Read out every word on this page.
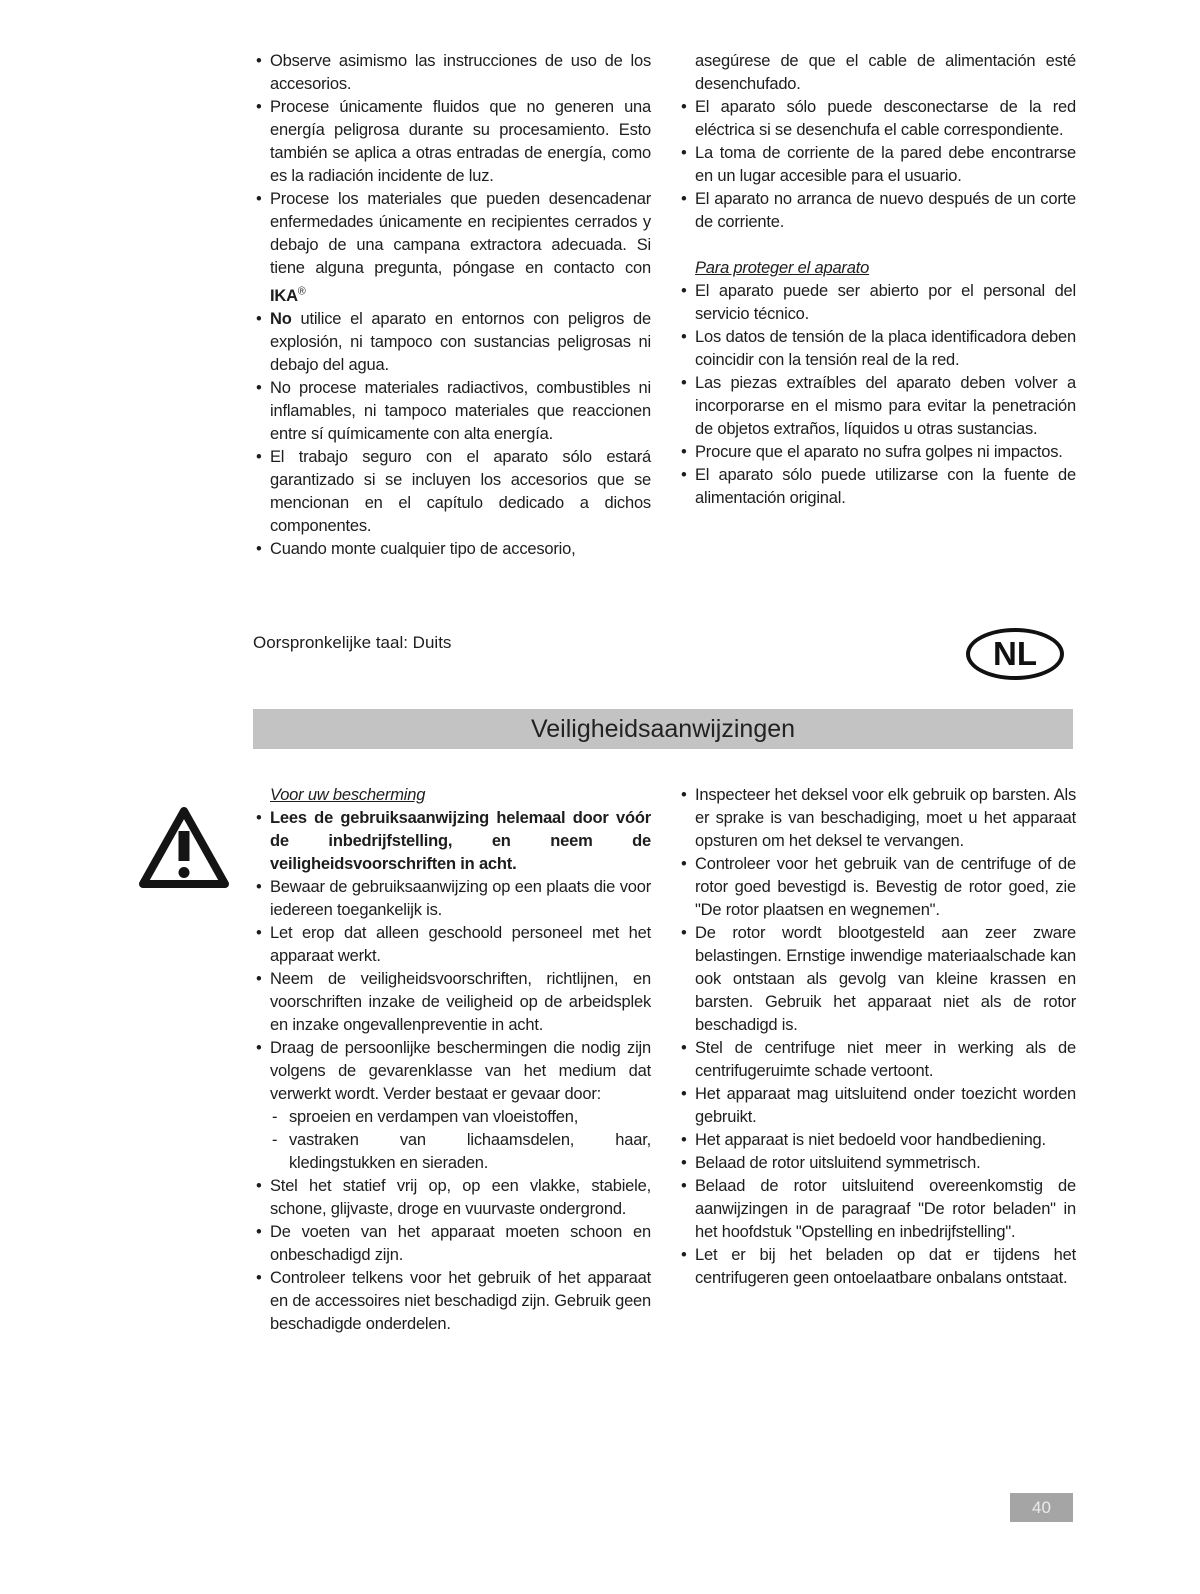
• Observe asimismo las instrucciones de uso de los accesorios.
• Procese únicamente fluidos que no generen una energía peligrosa durante su procesamiento. Esto también se aplica a otras entradas de energía, como es la radiación incidente de luz.
• Procese los materiales que pueden desencadenar enfermedades únicamente en recipientes cerrados y debajo de una campana extractora adecuada. Si tiene alguna pregunta, póngase en contacto con IKA®
• No utilice el aparato en entornos con peligros de explosión, ni tampoco con sustancias peligrosas ni debajo del agua.
• No procese materiales radiactivos, combustibles ni inflamables, ni tampoco materiales que reaccionen entre sí químicamente con alta energía.
• El trabajo seguro con el aparato sólo estará garantizado si se incluyen los accesorios que se mencionan en el capítulo dedicado a dichos componentes.
• Cuando monte cualquier tipo de accesorio,
asegúrese de que el cable de alimentación esté desenchufado.
• El aparato sólo puede desconectarse de la red eléctrica si se desenchufa el cable correspondiente.
• La toma de corriente de la pared debe encontrarse en un lugar accesible para el usuario.
• El aparato no arranca de nuevo después de un corte de corriente.
Para proteger el aparato
• El aparato puede ser abierto por el personal del servicio técnico.
• Los datos de tensión de la placa identificadora deben coincidir con la tensión real de la red.
• Las piezas extraíbles del aparato deben volver a incorporarse en el mismo para evitar la penetración de objetos extraños, líquidos u otras sustancias.
• Procure que el aparato no sufra golpes ni impactos.
• El aparato sólo puede utilizarse con la fuente de alimentación original.
Oorspronkelijke taal: Duits	NL
Veiligheidsaanwijzingen
Voor uw bescherming
• Lees de gebruiksaanwijzing helemaal door vóór de inbedrijfstelling, en neem de veiligheidsvoorschriften in acht.
• Bewaar de gebruiksaanwijzing op een plaats die voor iedereen toegankelijk is.
• Let erop dat alleen geschoold personeel met het apparaat werkt.
• Neem de veiligheidsvoorschriften, richtlijnen, en voorschriften inzake de veiligheid op de arbeidsplek en inzake ongevallenpreventie in acht.
• Draag de persoonlijke beschermingen die nodig zijn volgens de gevarenklasse van het medium dat verwerkt wordt. Verder bestaat er gevaar door:
- sproeien en verdampen van vloeistoffen,
- vastraken van lichaamsdelen, haar, kledingstukken en sieraden.
• Stel het statief vrij op, op een vlakke, stabiele, schone, glijvaste, droge en vuurvaste ondergrond.
• De voeten van het apparaat moeten schoon en onbeschadigd zijn.
• Controleer telkens voor het gebruik of het apparaat en de accessoires niet beschadigd zijn. Gebruik geen beschadigde onderdelen.
• Inspecteer het deksel voor elk gebruik op barsten. Als er sprake is van beschadiging, moet u het apparaat opsturen om het deksel te vervangen.
• Controleer voor het gebruik van de centrifuge of de rotor goed bevestigd is. Bevestig de rotor goed, zie "De rotor plaatsen en wegnemen".
• De rotor wordt blootgesteld aan zeer zware belastingen. Ernstige inwendige materiaalschade kan ook ontstaan als gevolg van kleine krassen en barsten. Gebruik het apparaat niet als de rotor beschadigd is.
• Stel de centrifuge niet meer in werking als de centrifugeruimte schade vertoont.
• Het apparaat mag uitsluitend onder toezicht worden gebruikt.
• Het apparaat is niet bedoeld voor handbediening.
• Belaad de rotor uitsluitend symmetrisch.
• Belaad de rotor uitsluitend overeenkomstig de aanwijzingen in de paragraaf "De rotor beladen" in het hoofdstuk "Opstelling en inbedrijfstelling".
• Let er bij het beladen op dat er tijdens het centrifugeren geen ontoelaatbare onbalans ontstaat.
40
